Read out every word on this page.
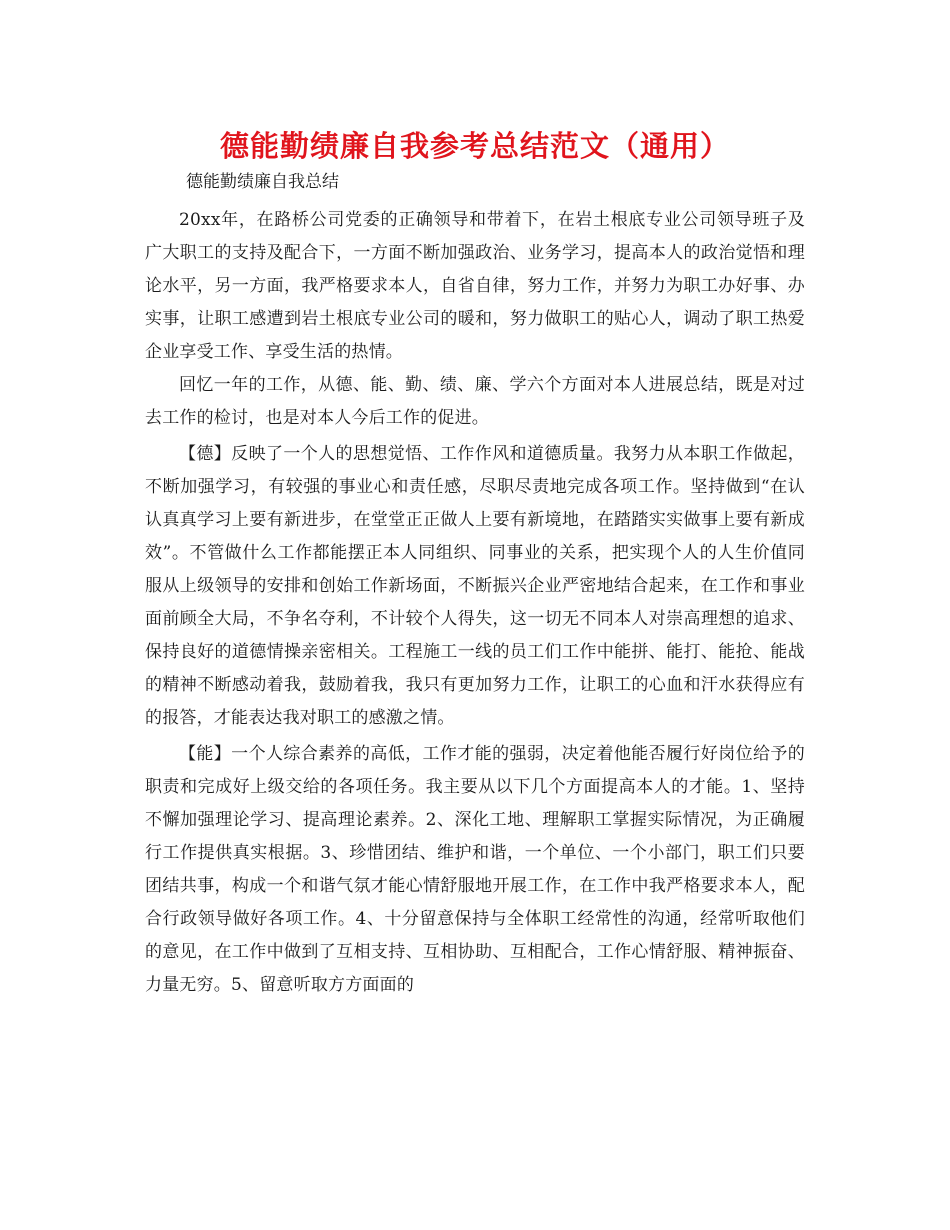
德能勤绩廉自我参考总结范文（通用）

德能勤绩廉自我总结

20xx年，在路桥公司党委的正确领导和带着下，在岩土根底专业公司领导班子及广大职工的支持及配合下，一方面不断加强政治、业务学习，提高本人的政治觉悟和理论水平，另一方面，我严格要求本人，自省自律，努力工作，并努力为职工办好事、办实事，让职工感遭到岩土根底专业公司的暖和，努力做职工的贴心人，调动了职工热爱企业享受工作、享受生活的热情。

回忆一年的工作，从德、能、勤、绩、廉、学六个方面对本人进展总结，既是对过去工作的检讨，也是对本人今后工作的促进。

【德】反映了一个人的思想觉悟、工作作风和道德质量。我努力从本职工作做起，不断加强学习，有较强的事业心和责任感，尽职尽责地完成各项工作。坚持做到“在认认真真学习上要有新进步，在堂堂正正做人上要有新境地，在踏踏实实做事上要有新成效”。不管做什么工作都能摆正本人同组织、同事业的关系，把实现个人的人生价值同服从上级领导的安排和创始工作新场面，不断振兴企业严密地结合起来，在工作和事业面前顾全大局，不争名夺利，不计较个人得失，这一切无不同本人对崇高理想的追求、保持良好的道德情操亲密相关。工程施工一线的员工们工作中能拼、能打、能抢、能战的精神不断感动着我，鼓励着我，我只有更加努力工作，让职工的心血和汗水获得应有的报答，才能表达我对职工的感激之情。

【能】一个人综合素养的高低，工作才能的强弱，决定着他能否履行好岗位给予的职责和完成好上级交给的各项任务。我主要从以下几个方面提高本人的才能。1、坚持不懈加强理论学习、提高理论素养。2、深化工地、理解职工掌握实际情况，为正确履行工作提供真实根据。3、珍惜团结、维护和谐，一个单位、一个小部门，职工们只要团结共事，构成一个和谐气氛才能心情舒服地开展工作，在工作中我严格要求本人，配合行政领导做好各项工作。4、十分留意保持与全体职工经常性的沟通，经常听取他们的意见，在工作中做到了互相支持、互相协助、互相配合，工作心情舒服、精神振奋、力量无穷。5、留意听取方方面面的
